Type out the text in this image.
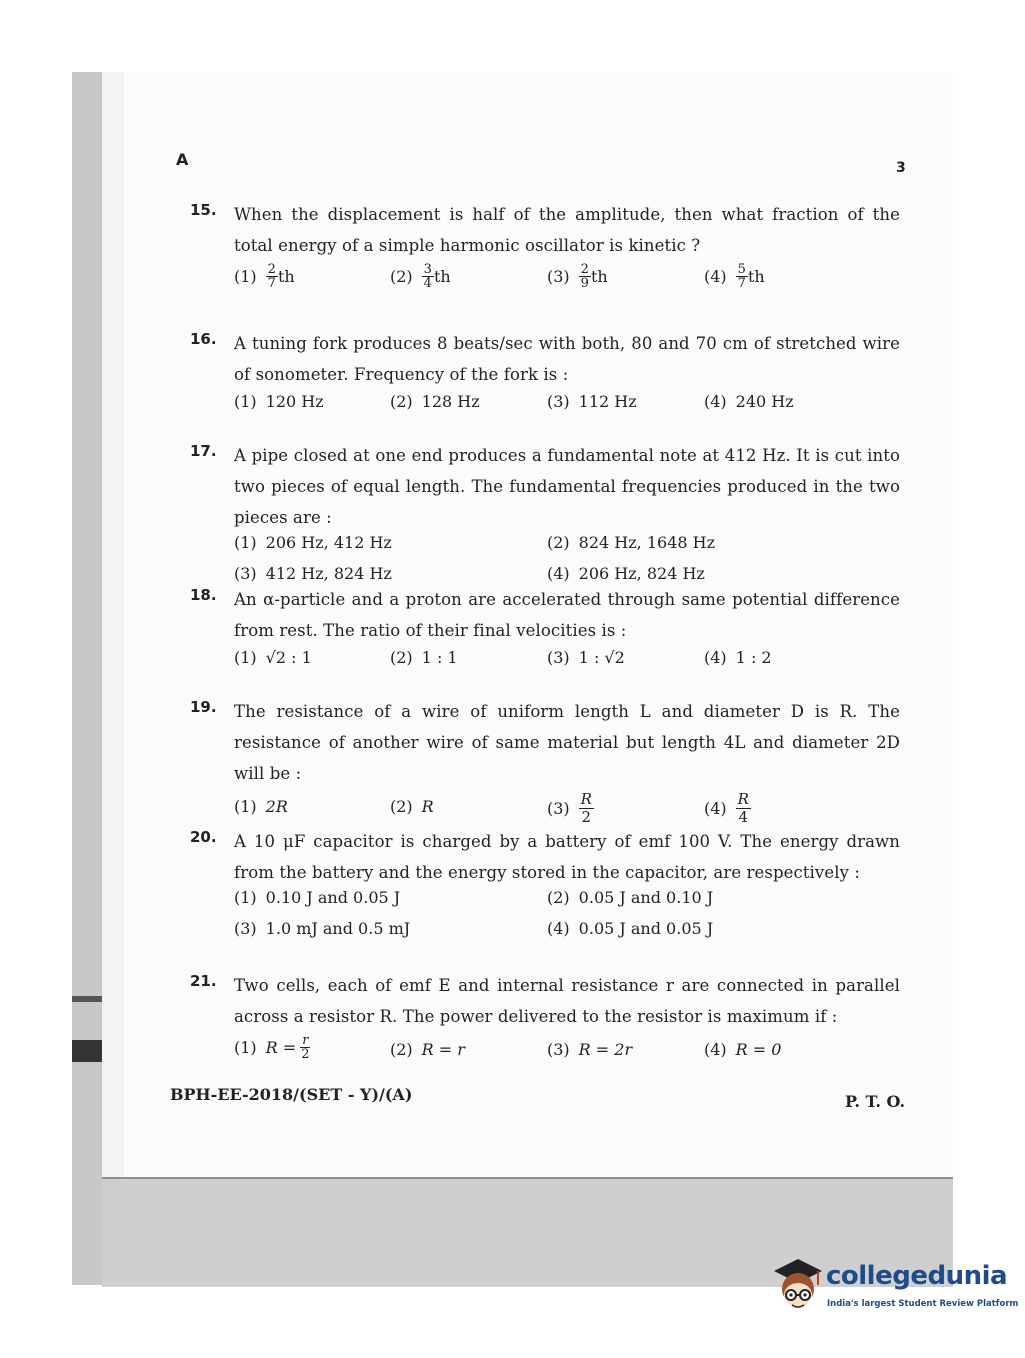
A	3
15. When the displacement is half of the amplitude, then what fraction of the total energy of a simple harmonic oscillator is kinetic ?
$(1) \frac{2}{7}$ th	$(2) \frac{3}{4}$ th	$(3) \frac{2}{9}$ th	$(4) \frac{5}{7}$ th
16. A tuning fork produces 8 beats/sec with both, 80 and 70 cm of stretched wire of sonometer. Frequency of the fork is :
(1) 120 Hz	(2) 128 Hz	(3) 112 Hz	(4) 240 Hz
17. A pipe closed at one end produces a fundamental note at 412 Hz. It is cut into two pieces of equal length. The fundamental frequencies produced in the two pieces are :
(1) 206 Hz, 412 Hz	(2) 824 Hz, 1648 Hz
(3) 412 Hz, 824 Hz	(4) 206 Hz, 824 Hz
18. An α-particle and a proton are accelerated through same potential difference from rest. The ratio of their final velocities is :
(1) √2 : 1	(2) 1 : 1	(3) 1 : √2	(4) 1 : 2
19. The resistance of a wire of uniform length L and diameter D is R. The resistance of another wire of same material but length 4L and diameter 2D will be :
(1) 2R	(2) R	$(3) \frac{R}{2}$	$(4) \frac{R}{4}$
20. A 10 μF capacitor is charged by a battery of emf 100 V. The energy drawn from the battery and the energy stored in the capacitor, are respectively :
(1) 0.10 J and 0.05 J	(2) 0.05 J and 0.10 J
(3) 1.0 mJ and 0.5 mJ	(4) 0.05 J and 0.05 J
21. Two cells, each of emf E and internal resistance r are connected in parallel across a resistor R. The power delivered to the resistor is maximum if :
(1) $R = \frac{r}{2}$	(2) R = r	(3) R = 2r	(4) R = 0
BPH-EE-2018/(SET - Y)/(A)	P. T. O.
collegedunia
India's largest Student Review Platform
